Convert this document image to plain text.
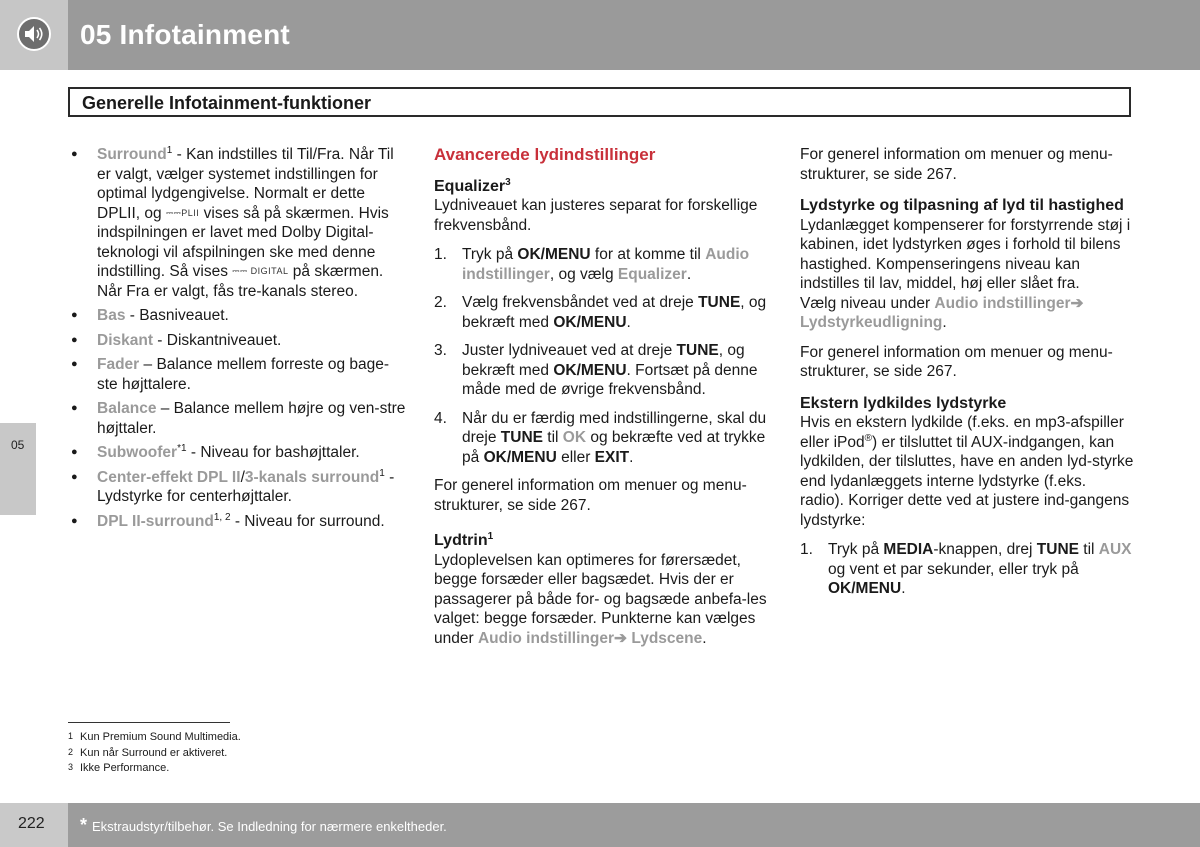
05 Infotainment
Generelle Infotainment-funktioner
05
● Surround$^1$ - Kan indstilles til Til/Fra. Når Til er valgt, vælger systemet indstillingen for optimal lydgengivelse. Normalt er dette DPLII, og ⎓⎓PLII vises så på skærmen. Hvis indspilningen er lavet med Dolby Digital-teknologi vil afspilningen ske med denne indstilling. Så vises ⎓⎓ DIGITAL på skærmen. Når Fra er valgt, fås tre-kanals stereo.
● Bas - Basniveauet.
● Diskant - Diskantniveauet.
● Fader – Balance mellem forreste og bage-ste højttalere.
● Balance – Balance mellem højre og ven-stre højttaler.
● Subwoofer$^{*1}$ - Niveau for bashøjttaler.
● Center-effekt DPL II/3-kanals surround$^1$ - Lydstyrke for centerhøjttaler.
● DPL II-surround$^{1, 2}$ - Niveau for surround.

Avancerede lydindstillinger

Equalizer$^3$

Lydniveauet kan justeres separat for forskellige frekvensbånd.

1. Tryk på OK/MENU for at komme til Audio indstillinger, og vælg Equalizer.
2. Vælg frekvensbåndet ved at dreje TUNE, og bekræft med OK/MENU.
3. Juster lydniveauet ved at dreje TUNE, og bekræft med OK/MENU. Fortsæt på denne måde med de øvrige frekvensbånd.
4. Når du er færdig med indstillingerne, skal du dreje TUNE til OK og bekræfte ved at trykke på OK/MENU eller EXIT.

For generel information om menuer og menu-strukturer, se side 267.

Lydtrin$^1$

Lydoplevelsen kan optimeres for førersædet, begge forsæder eller bagsædet. Hvis der er passagerer på både for- og bagsæde anbefa-les valget: begge forsæder. Punkterne kan vælges under Audio indstillinger➔ Lydscene.

For generel information om menuer og menu-strukturer, se side 267.

Lydstyrke og tilpasning af lyd til hastighed

Lydanlægget kompenserer for forstyrrende støj i kabinen, idet lydstyrken øges i forhold til bilens hastighed. Kompenseringens niveau kan indstilles til lav, middel, høj eller slået fra.

Vælg niveau under Audio indstillinger➔ Lydstyrkeudligning.

For generel information om menuer og menu-strukturer, se side 267.

Ekstern lydkildes lydstyrke

Hvis en ekstern lydkilde (f.eks. en mp3-afspiller eller iPod®) er tilsluttet til AUX-indgangen, kan lydkilden, der tilsluttes, have en anden lyd-styrke end lydanlæggets interne lydstyrke (f.eks. radio). Korriger dette ved at justere ind-gangens lydstyrke:

1. Tryk på MEDIA-knappen, drej TUNE til AUX og vent et par sekunder, eller tryk på OK/MENU.
1 Kun Premium Sound Multimedia.
2 Kun når Surround er aktiveret.
3 Ikke Performance.
222 * Ekstraudstyr/tilbehør. Se Indledning for nærmere enkeltheder.
